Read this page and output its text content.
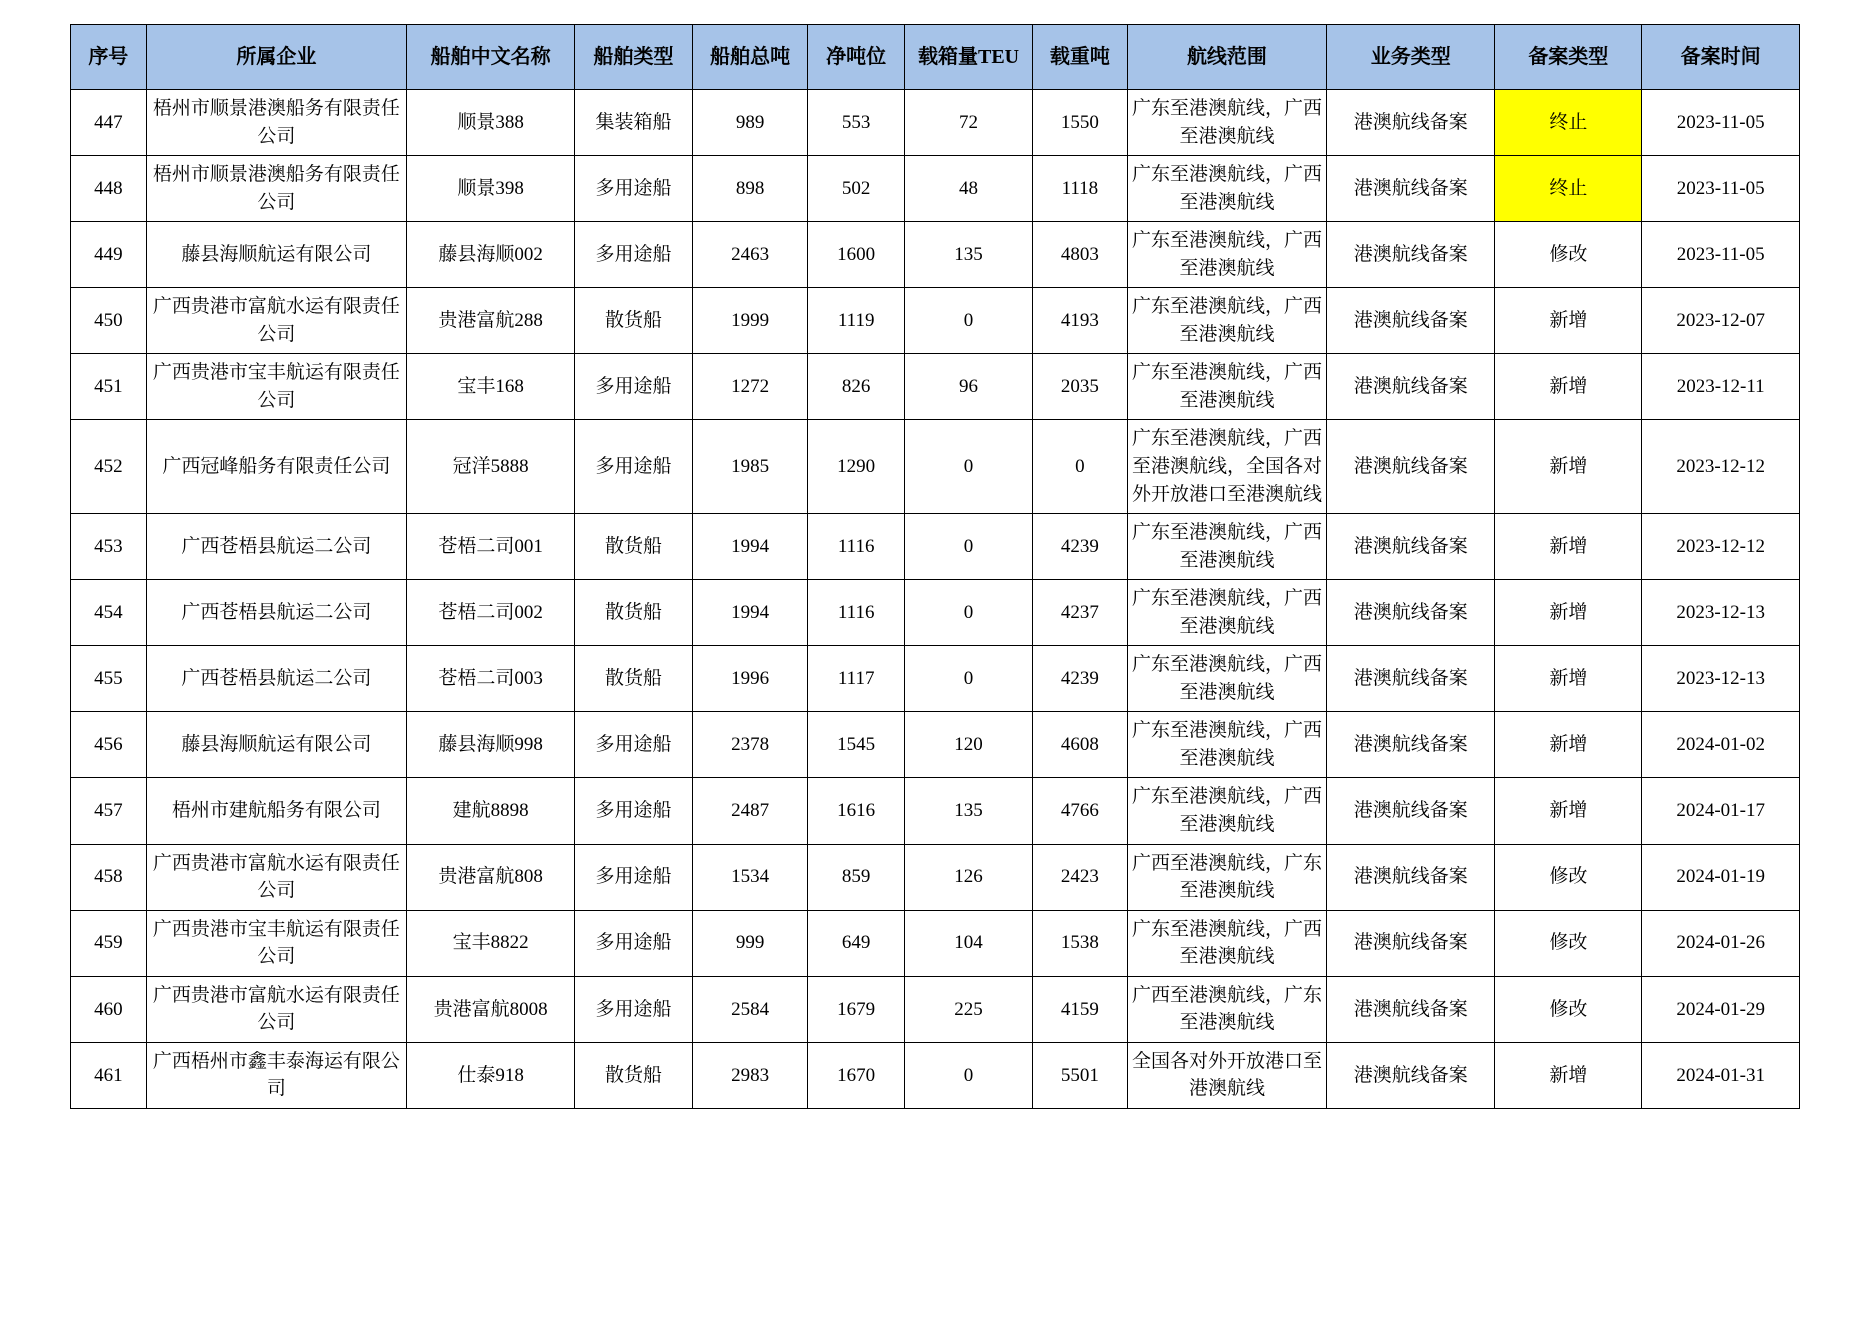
序号	所属企业	船舶中文名称	船舶类型	船舶总吨	净吨位	载箱量TEU	载重吨	航线范围	业务类型	备案类型	备案时间
447	梧州市顺景港澳船务有限责任公司	顺景388	集装箱船	989	553	72	1550	广东至港澳航线，广西至港澳航线	港澳航线备案	终止	2023-11-05
448	梧州市顺景港澳船务有限责任公司	顺景398	多用途船	898	502	48	1118	广东至港澳航线，广西至港澳航线	港澳航线备案	终止	2023-11-05
449	藤县海顺航运有限公司	藤县海顺002	多用途船	2463	1600	135	4803	广东至港澳航线，广西至港澳航线	港澳航线备案	修改	2023-11-05
450	广西贵港市富航水运有限责任公司	贵港富航288	散货船	1999	1119	0	4193	广东至港澳航线，广西至港澳航线	港澳航线备案	新增	2023-12-07
451	广西贵港市宝丰航运有限责任公司	宝丰168	多用途船	1272	826	96	2035	广东至港澳航线，广西至港澳航线	港澳航线备案	新增	2023-12-11
452	广西冠峰船务有限责任公司	冠洋5888	多用途船	1985	1290	0	0	广东至港澳航线，广西至港澳航线，全国各对外开放港口至港澳航线	港澳航线备案	新增	2023-12-12
453	广西苍梧县航运二公司	苍梧二司001	散货船	1994	1116	0	4239	广东至港澳航线，广西至港澳航线	港澳航线备案	新增	2023-12-12
454	广西苍梧县航运二公司	苍梧二司002	散货船	1994	1116	0	4237	广东至港澳航线，广西至港澳航线	港澳航线备案	新增	2023-12-13
455	广西苍梧县航运二公司	苍梧二司003	散货船	1996	1117	0	4239	广东至港澳航线，广西至港澳航线	港澳航线备案	新增	2023-12-13
456	藤县海顺航运有限公司	藤县海顺998	多用途船	2378	1545	120	4608	广东至港澳航线，广西至港澳航线	港澳航线备案	新增	2024-01-02
457	梧州市建航船务有限公司	建航8898	多用途船	2487	1616	135	4766	广东至港澳航线，广西至港澳航线	港澳航线备案	新增	2024-01-17
458	广西贵港市富航水运有限责任公司	贵港富航808	多用途船	1534	859	126	2423	广西至港澳航线，广东至港澳航线	港澳航线备案	修改	2024-01-19
459	广西贵港市宝丰航运有限责任公司	宝丰8822	多用途船	999	649	104	1538	广东至港澳航线，广西至港澳航线	港澳航线备案	修改	2024-01-26
460	广西贵港市富航水运有限责任公司	贵港富航8008	多用途船	2584	1679	225	4159	广西至港澳航线，广东至港澳航线	港澳航线备案	修改	2024-01-29
461	广西梧州市鑫丰泰海运有限公司	仕泰918	散货船	2983	1670	0	5501	全国各对外开放港口至港澳航线	港澳航线备案	新增	2024-01-31
